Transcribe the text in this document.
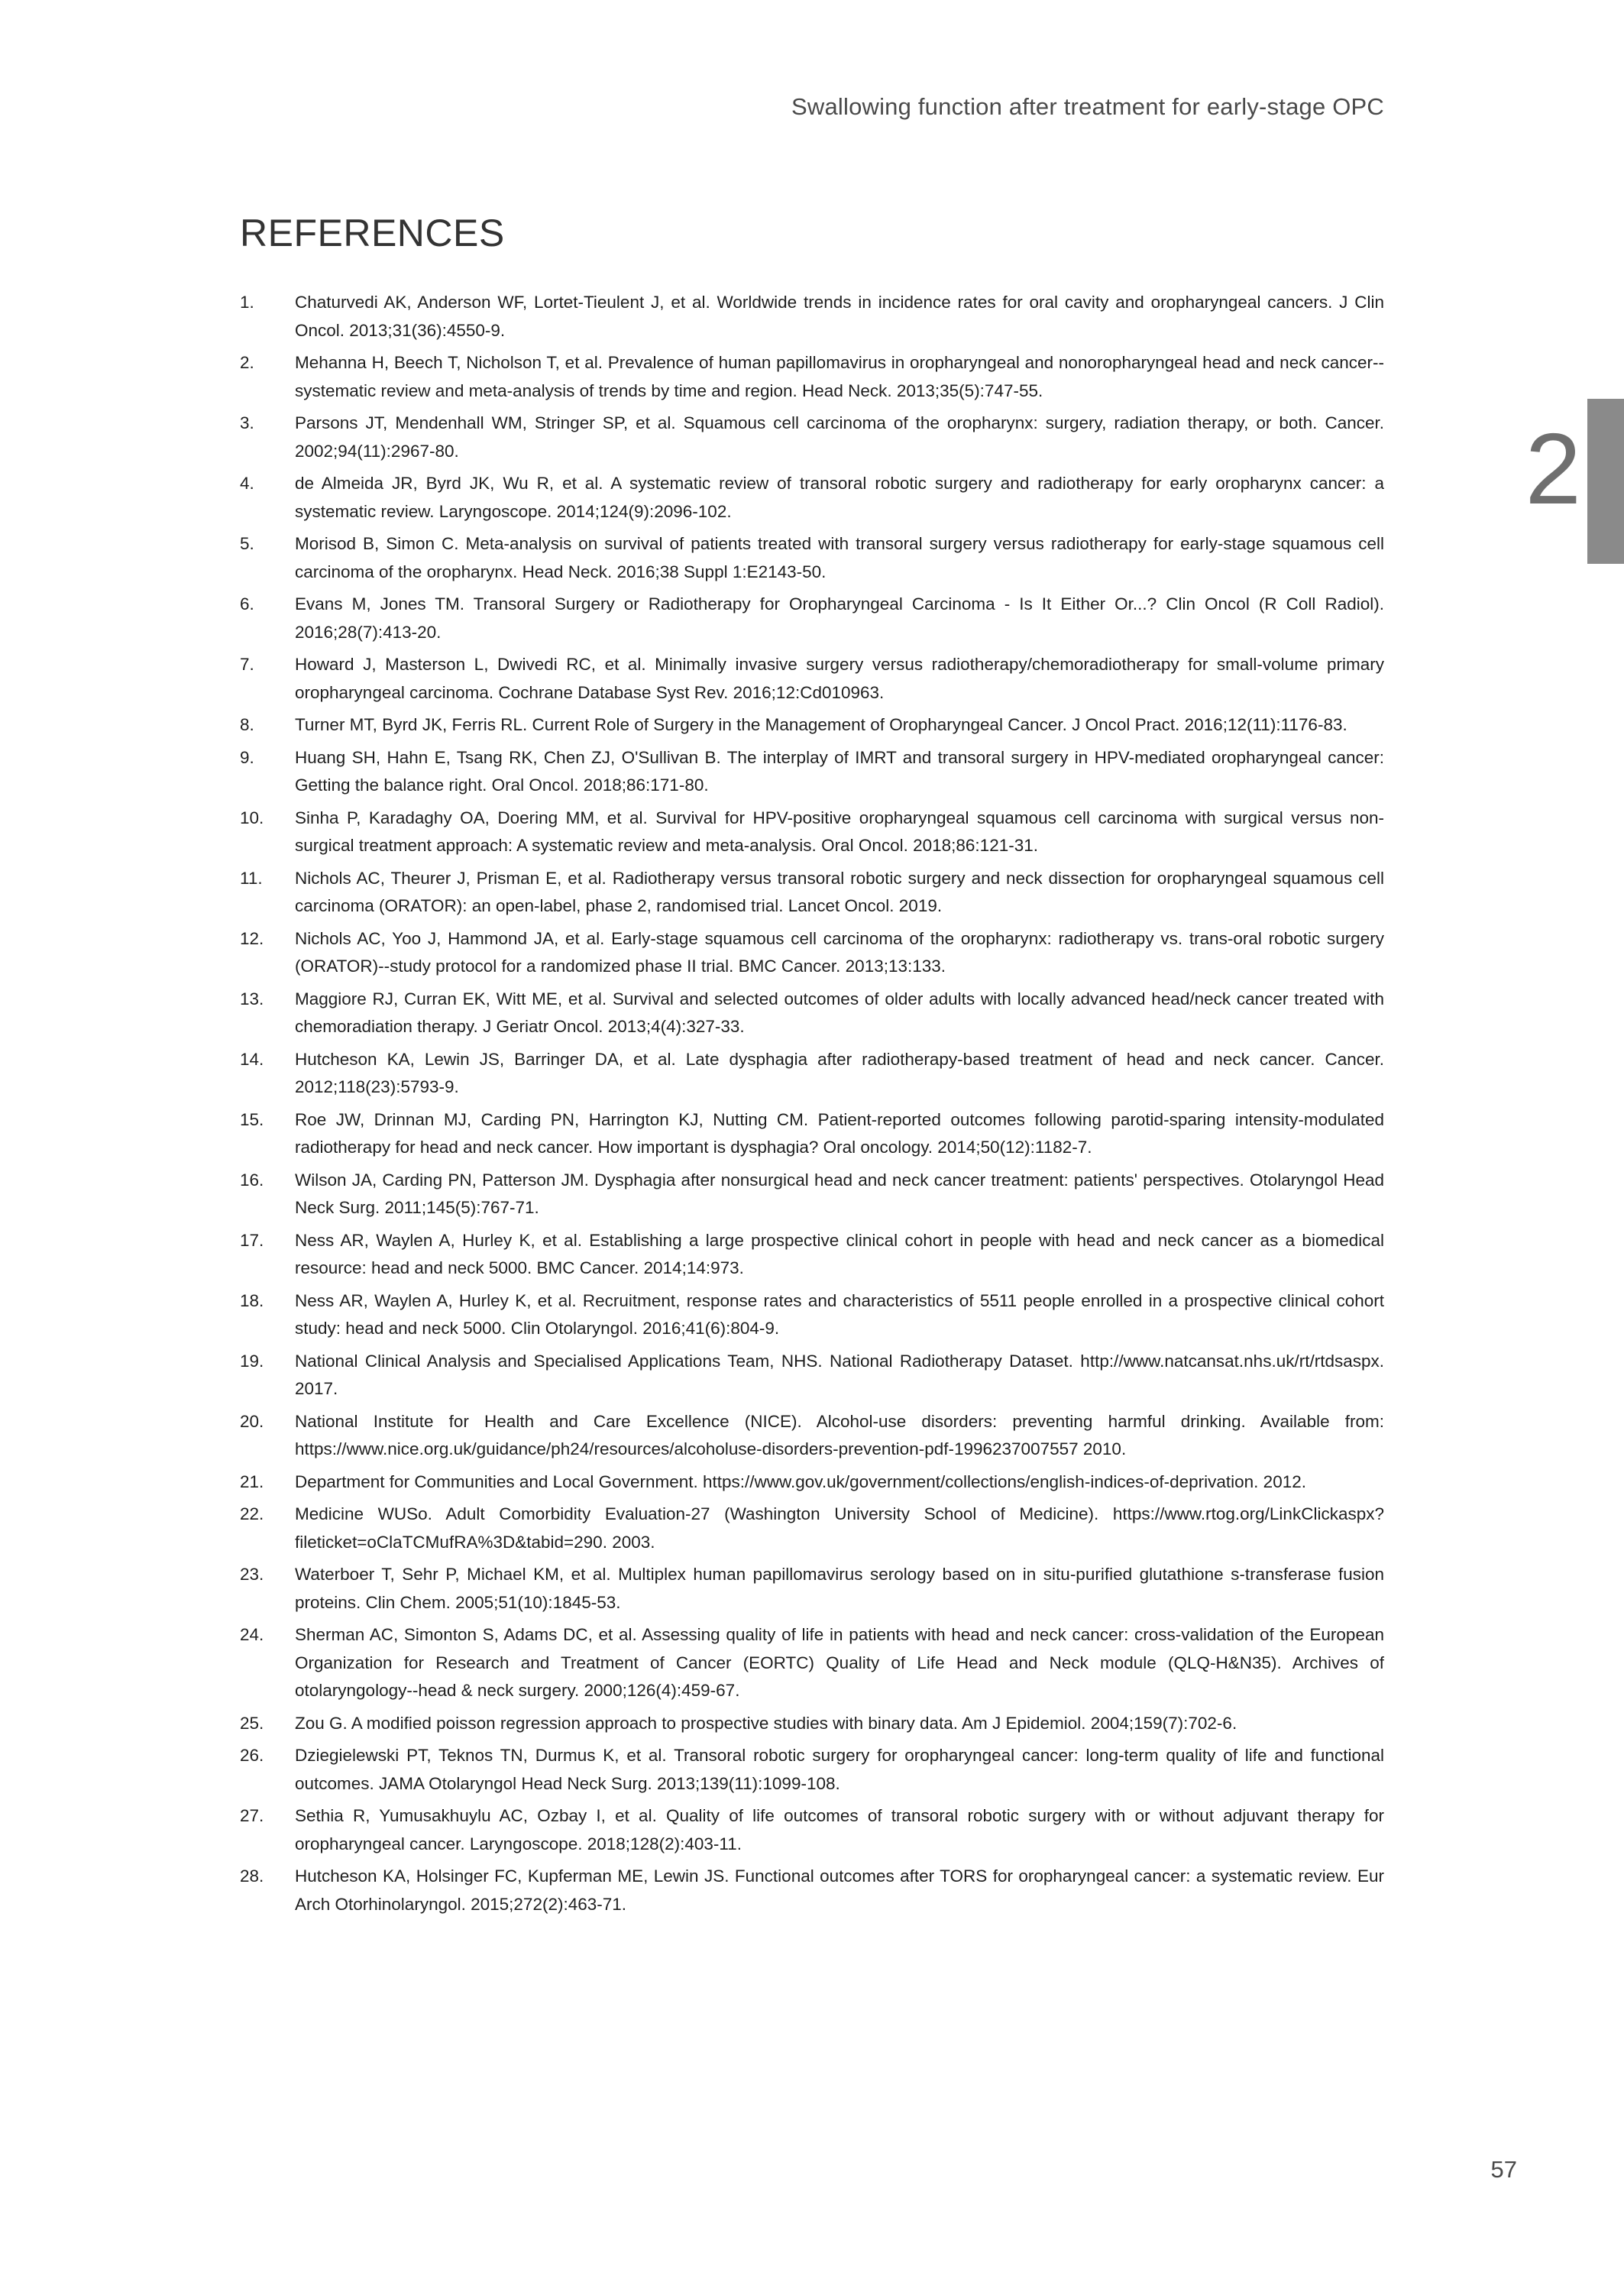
Swallowing function after treatment for early-stage OPC
2
REFERENCES
1.	Chaturvedi AK, Anderson WF, Lortet-Tieulent J, et al. Worldwide trends in incidence rates for oral cavity and oropharyngeal cancers. J Clin Oncol. 2013;31(36):4550-9.
2.	Mehanna H, Beech T, Nicholson T, et al. Prevalence of human papillomavirus in oropharyngeal and nonoropharyngeal head and neck cancer--systematic review and meta-analysis of trends by time and region. Head Neck. 2013;35(5):747-55.
3.	Parsons JT, Mendenhall WM, Stringer SP, et al. Squamous cell carcinoma of the oropharynx: surgery, radiation therapy, or both. Cancer. 2002;94(11):2967-80.
4.	de Almeida JR, Byrd JK, Wu R, et al. A systematic review of transoral robotic surgery and radiotherapy for early oropharynx cancer: a systematic review. Laryngoscope. 2014;124(9):2096-102.
5.	Morisod B, Simon C. Meta-analysis on survival of patients treated with transoral surgery versus radiotherapy for early-stage squamous cell carcinoma of the oropharynx. Head Neck. 2016;38 Suppl 1:E2143-50.
6.	Evans M, Jones TM. Transoral Surgery or Radiotherapy for Oropharyngeal Carcinoma - Is It Either Or...? Clin Oncol (R Coll Radiol). 2016;28(7):413-20.
7.	Howard J, Masterson L, Dwivedi RC, et al. Minimally invasive surgery versus radiotherapy/chemoradiotherapy for small-volume primary oropharyngeal carcinoma. Cochrane Database Syst Rev. 2016;12:Cd010963.
8.	Turner MT, Byrd JK, Ferris RL. Current Role of Surgery in the Management of Oropharyngeal Cancer. J Oncol Pract. 2016;12(11):1176-83.
9.	Huang SH, Hahn E, Tsang RK, Chen ZJ, O'Sullivan B. The interplay of IMRT and transoral surgery in HPV-mediated oropharyngeal cancer: Getting the balance right. Oral Oncol. 2018;86:171-80.
10.	Sinha P, Karadaghy OA, Doering MM, et al. Survival for HPV-positive oropharyngeal squamous cell carcinoma with surgical versus non-surgical treatment approach: A systematic review and meta-analysis. Oral Oncol. 2018;86:121-31.
11.	Nichols AC, Theurer J, Prisman E, et al. Radiotherapy versus transoral robotic surgery and neck dissection for oropharyngeal squamous cell carcinoma (ORATOR): an open-label, phase 2, randomised trial. Lancet Oncol. 2019.
12.	Nichols AC, Yoo J, Hammond JA, et al. Early-stage squamous cell carcinoma of the oropharynx: radiotherapy vs. trans-oral robotic surgery (ORATOR)--study protocol for a randomized phase II trial. BMC Cancer. 2013;13:133.
13.	Maggiore RJ, Curran EK, Witt ME, et al. Survival and selected outcomes of older adults with locally advanced head/neck cancer treated with chemoradiation therapy. J Geriatr Oncol. 2013;4(4):327-33.
14.	Hutcheson KA, Lewin JS, Barringer DA, et al. Late dysphagia after radiotherapy-based treatment of head and neck cancer. Cancer. 2012;118(23):5793-9.
15.	Roe JW, Drinnan MJ, Carding PN, Harrington KJ, Nutting CM. Patient-reported outcomes following parotid-sparing intensity-modulated radiotherapy for head and neck cancer. How important is dysphagia? Oral oncology. 2014;50(12):1182-7.
16.	Wilson JA, Carding PN, Patterson JM. Dysphagia after nonsurgical head and neck cancer treatment: patients' perspectives. Otolaryngol Head Neck Surg. 2011;145(5):767-71.
17.	Ness AR, Waylen A, Hurley K, et al. Establishing a large prospective clinical cohort in people with head and neck cancer as a biomedical resource: head and neck 5000. BMC Cancer. 2014;14:973.
18.	Ness AR, Waylen A, Hurley K, et al. Recruitment, response rates and characteristics of 5511 people enrolled in a prospective clinical cohort study: head and neck 5000. Clin Otolaryngol. 2016;41(6):804-9.
19.	National Clinical Analysis and Specialised Applications Team, NHS. National Radiotherapy Dataset. http://www.natcansat.nhs.uk/rt/rtdsaspx. 2017.
20.	National Institute for Health and Care Excellence (NICE). Alcohol-use disorders: preventing harmful drinking. Available from: https://www.nice.org.uk/guidance/ph24/resources/alcoholuse-disorders-prevention-pdf-1996237007557 2010.
21.	Department for Communities and Local Government. https://www.gov.uk/government/collections/english-indices-of-deprivation. 2012.
22.	Medicine WUSo. Adult Comorbidity Evaluation-27 (Washington University School of Medicine). https://www.rtog.org/LinkClickaspx?fileticket=oClaTCMufRA%3D&tabid=290. 2003.
23.	Waterboer T, Sehr P, Michael KM, et al. Multiplex human papillomavirus serology based on in situ-purified glutathione s-transferase fusion proteins. Clin Chem. 2005;51(10):1845-53.
24.	Sherman AC, Simonton S, Adams DC, et al. Assessing quality of life in patients with head and neck cancer: cross-validation of the European Organization for Research and Treatment of Cancer (EORTC) Quality of Life Head and Neck module (QLQ-H&N35). Archives of otolaryngology--head & neck surgery. 2000;126(4):459-67.
25.	Zou G. A modified poisson regression approach to prospective studies with binary data. Am J Epidemiol. 2004;159(7):702-6.
26.	Dziegielewski PT, Teknos TN, Durmus K, et al. Transoral robotic surgery for oropharyngeal cancer: long-term quality of life and functional outcomes. JAMA Otolaryngol Head Neck Surg. 2013;139(11):1099-108.
27.	Sethia R, Yumusakhuylu AC, Ozbay I, et al. Quality of life outcomes of transoral robotic surgery with or without adjuvant therapy for oropharyngeal cancer. Laryngoscope. 2018;128(2):403-11.
28.	Hutcheson KA, Holsinger FC, Kupferman ME, Lewin JS. Functional outcomes after TORS for oropharyngeal cancer: a systematic review. Eur Arch Otorhinolaryngol. 2015;272(2):463-71.
57
